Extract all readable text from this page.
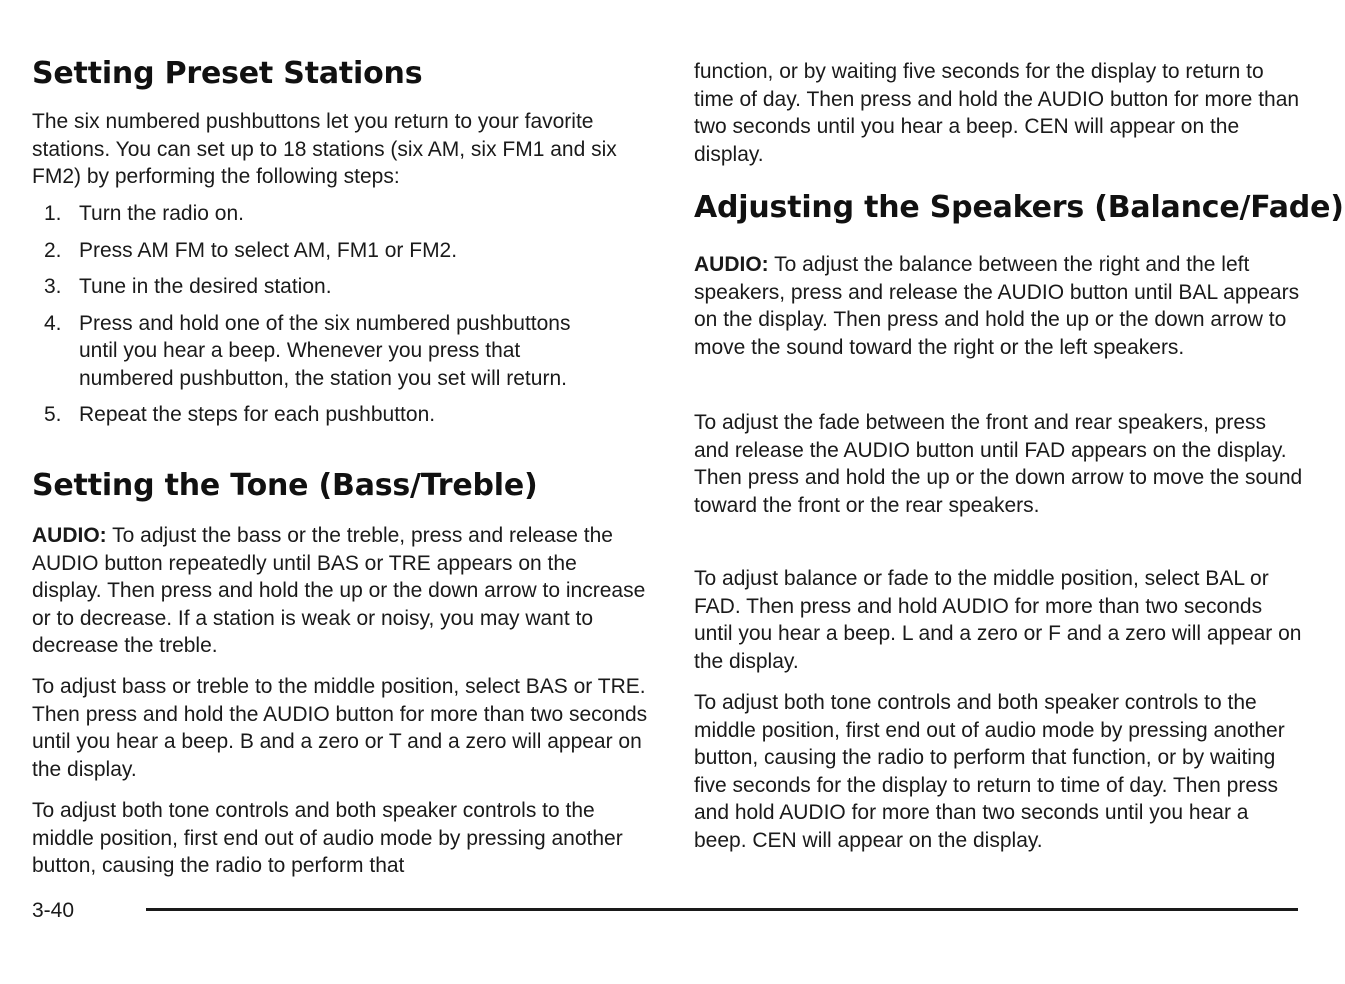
Setting Preset Stations

The six numbered pushbuttons let you return to your favorite stations. You can set up to 18 stations (six AM, six FM1 and six FM2) by performing the following steps:

1. Turn the radio on.
2. Press AM FM to select AM, FM1 or FM2.
3. Tune in the desired station.
4. Press and hold one of the six numbered pushbuttons until you hear a beep. Whenever you press that numbered pushbutton, the station you set will return.
5. Repeat the steps for each pushbutton.
Setting the Tone (Bass/Treble)

AUDIO: To adjust the bass or the treble, press and release the AUDIO button repeatedly until BAS or TRE appears on the display. Then press and hold the up or the down arrow to increase or to decrease. If a station is weak or noisy, you may want to decrease the treble.

To adjust bass or treble to the middle position, select BAS or TRE. Then press and hold the AUDIO button for more than two seconds until you hear a beep. B and a zero or T and a zero will appear on the display.

To adjust both tone controls and both speaker controls to the middle position, first end out of audio mode by pressing another button, causing the radio to perform that

function, or by waiting five seconds for the display to return to time of day. Then press and hold the AUDIO button for more than two seconds until you hear a beep. CEN will appear on the display.

Adjusting the Speakers (Balance/Fade)

AUDIO: To adjust the balance between the right and the left speakers, press and release the AUDIO button until BAL appears on the display. Then press and hold the up or the down arrow to move the sound toward the right or the left speakers.

To adjust the fade between the front and rear speakers, press and release the AUDIO button until FAD appears on the display. Then press and hold the up or the down arrow to move the sound toward the front or the rear speakers.

To adjust balance or fade to the middle position, select BAL or FAD. Then press and hold AUDIO for more than two seconds until you hear a beep. L and a zero or F and a zero will appear on the display.

To adjust both tone controls and both speaker controls to the middle position, first end out of audio mode by pressing another button, causing the radio to perform that function, or by waiting five seconds for the display to return to time of day. Then press and hold AUDIO for more than two seconds until you hear a beep. CEN will appear on the display.

3-40
